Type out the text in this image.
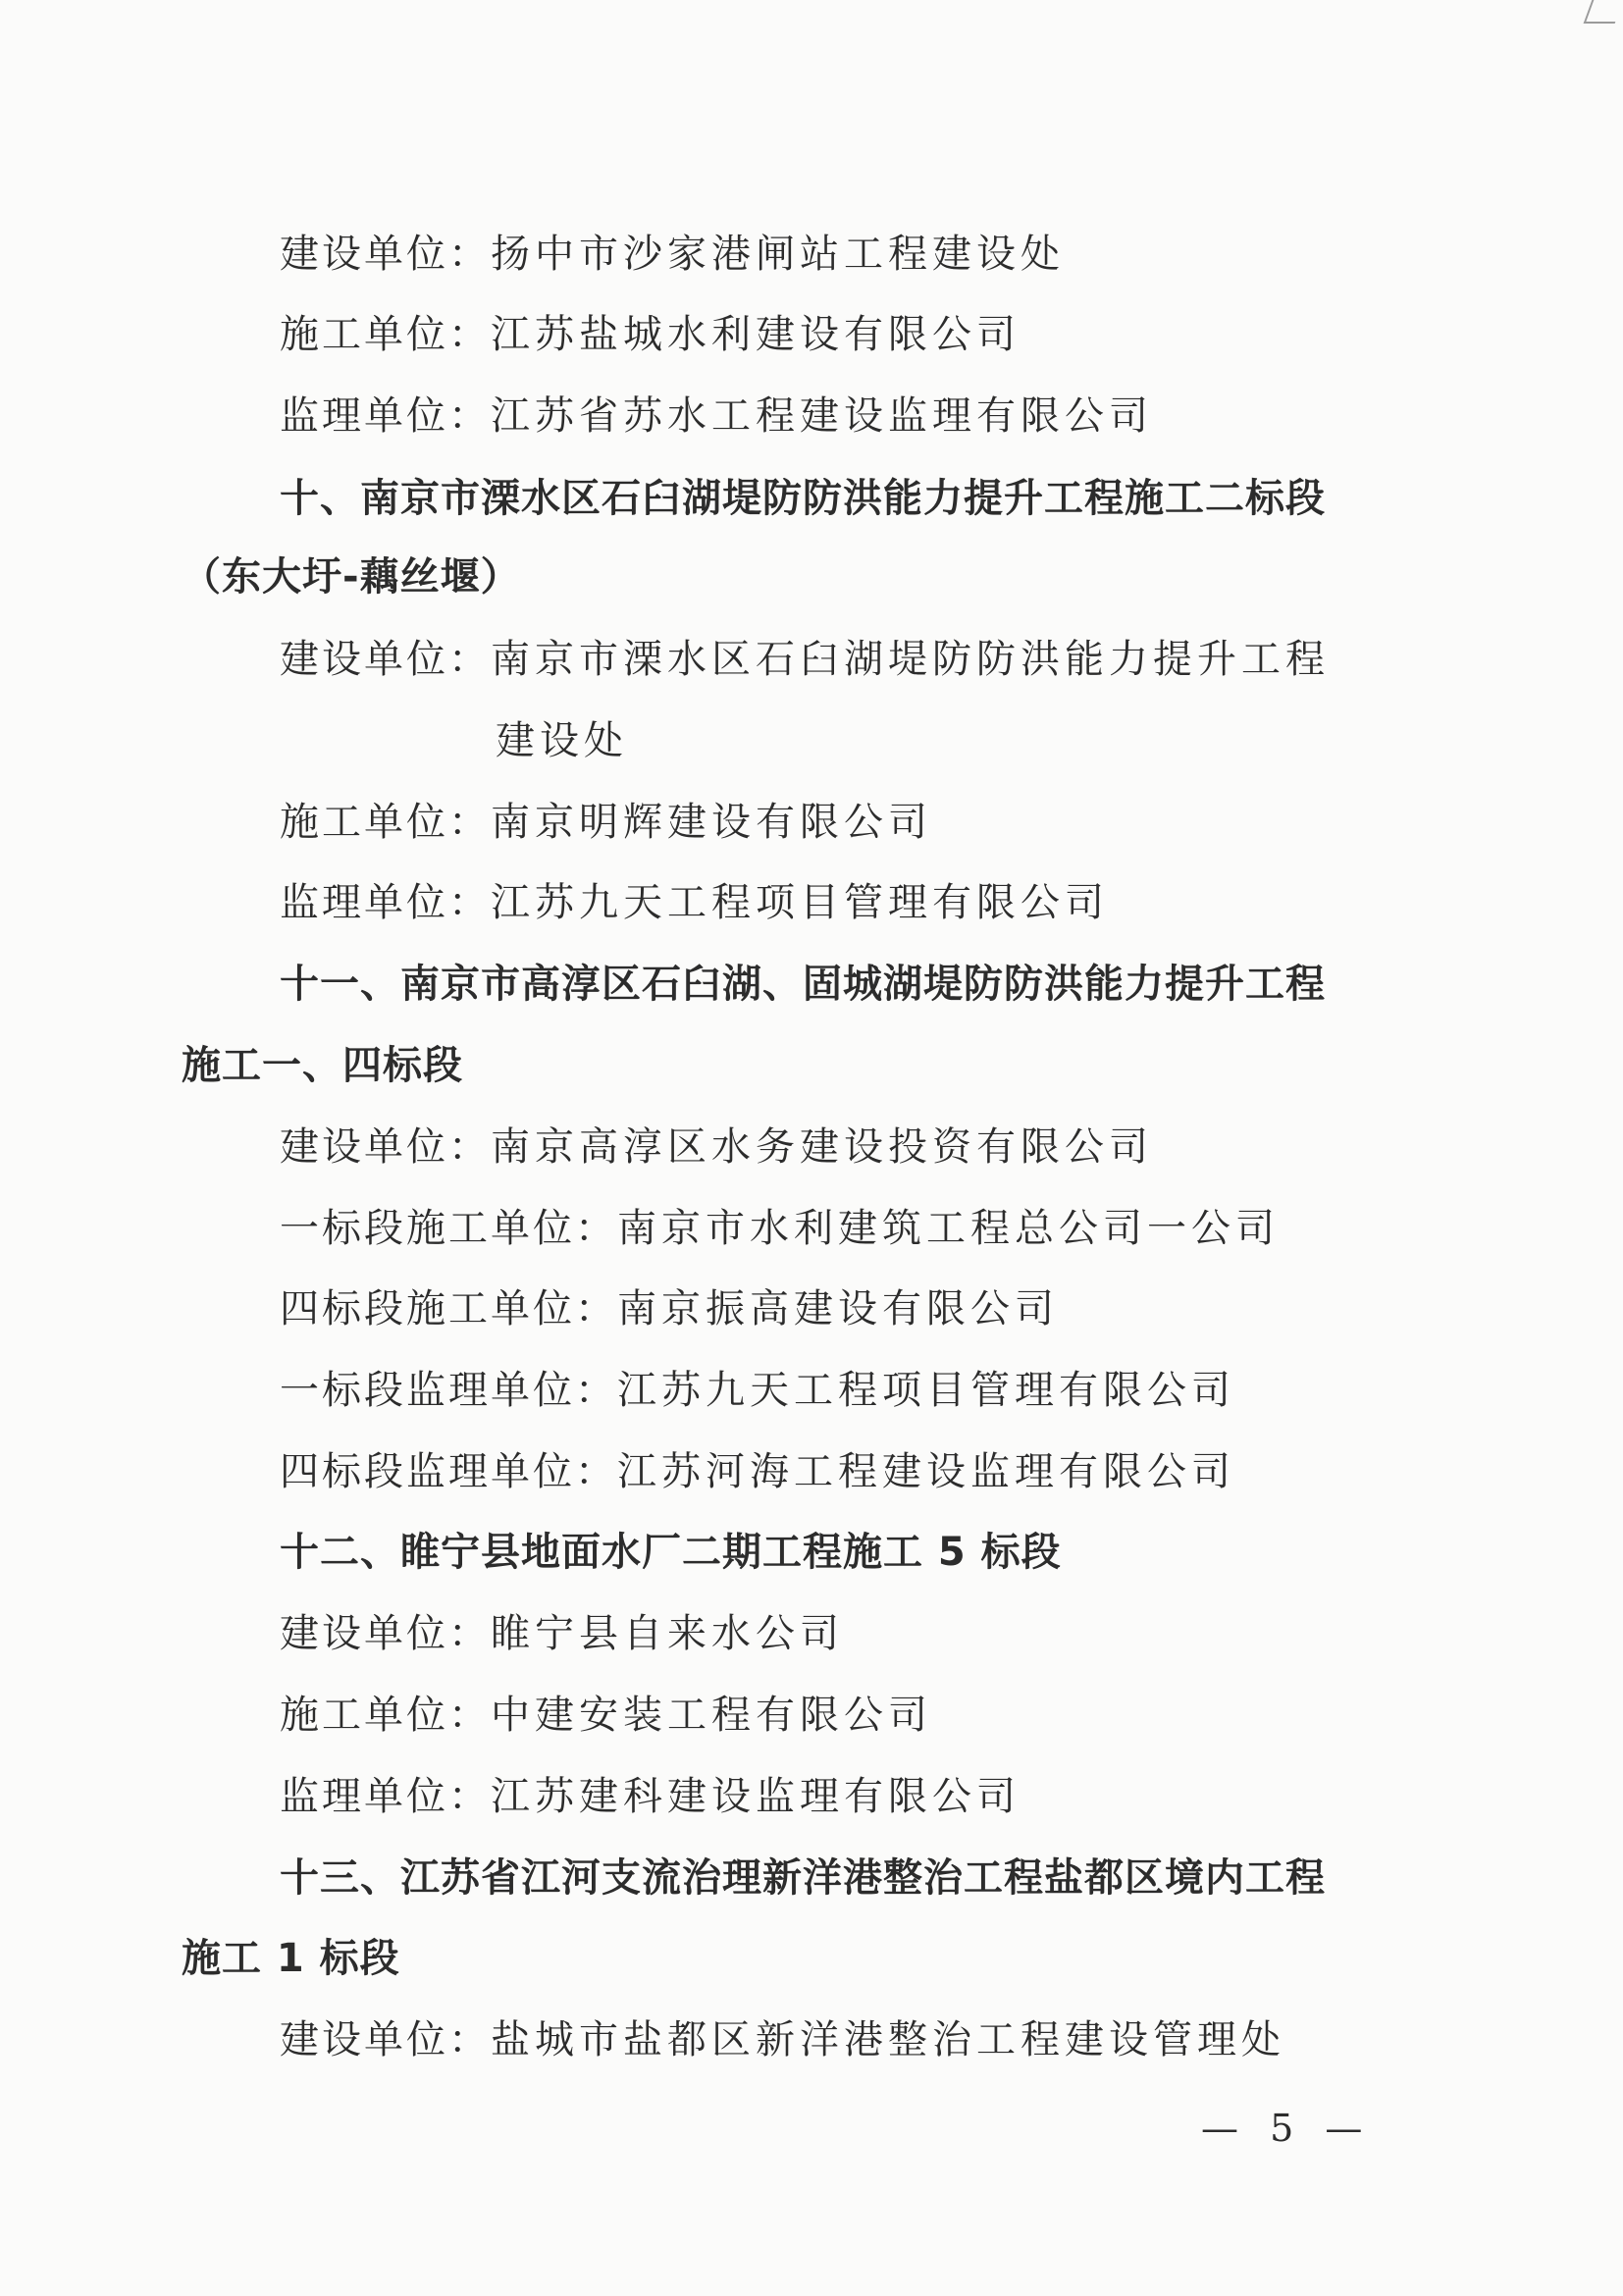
建设单位：扬中市沙家港闸站工程建设处
施工单位：江苏盐城水利建设有限公司
监理单位：江苏省苏水工程建设监理有限公司
十、南京市溧水区石臼湖堤防防洪能力提升工程施工二标段
（东大圩-藕丝堰）
建设单位：南京市溧水区石臼湖堤防防洪能力提升工程
建设处
施工单位：南京明辉建设有限公司
监理单位：江苏九天工程项目管理有限公司
十一、南京市高淳区石臼湖、固城湖堤防防洪能力提升工程
施工一、四标段
建设单位：南京高淳区水务建设投资有限公司
一标段施工单位：南京市水利建筑工程总公司一公司
四标段施工单位：南京振高建设有限公司
一标段监理单位：江苏九天工程项目管理有限公司
四标段监理单位：江苏河海工程建设监理有限公司
十二、睢宁县地面水厂二期工程施工 5 标段
建设单位：睢宁县自来水公司
施工单位：中建安装工程有限公司
监理单位：江苏建科建设监理有限公司
十三、江苏省江河支流治理新洋港整治工程盐都区境内工程
施工 1 标段
建设单位：盐城市盐都区新洋港整治工程建设管理处
— 5 —
